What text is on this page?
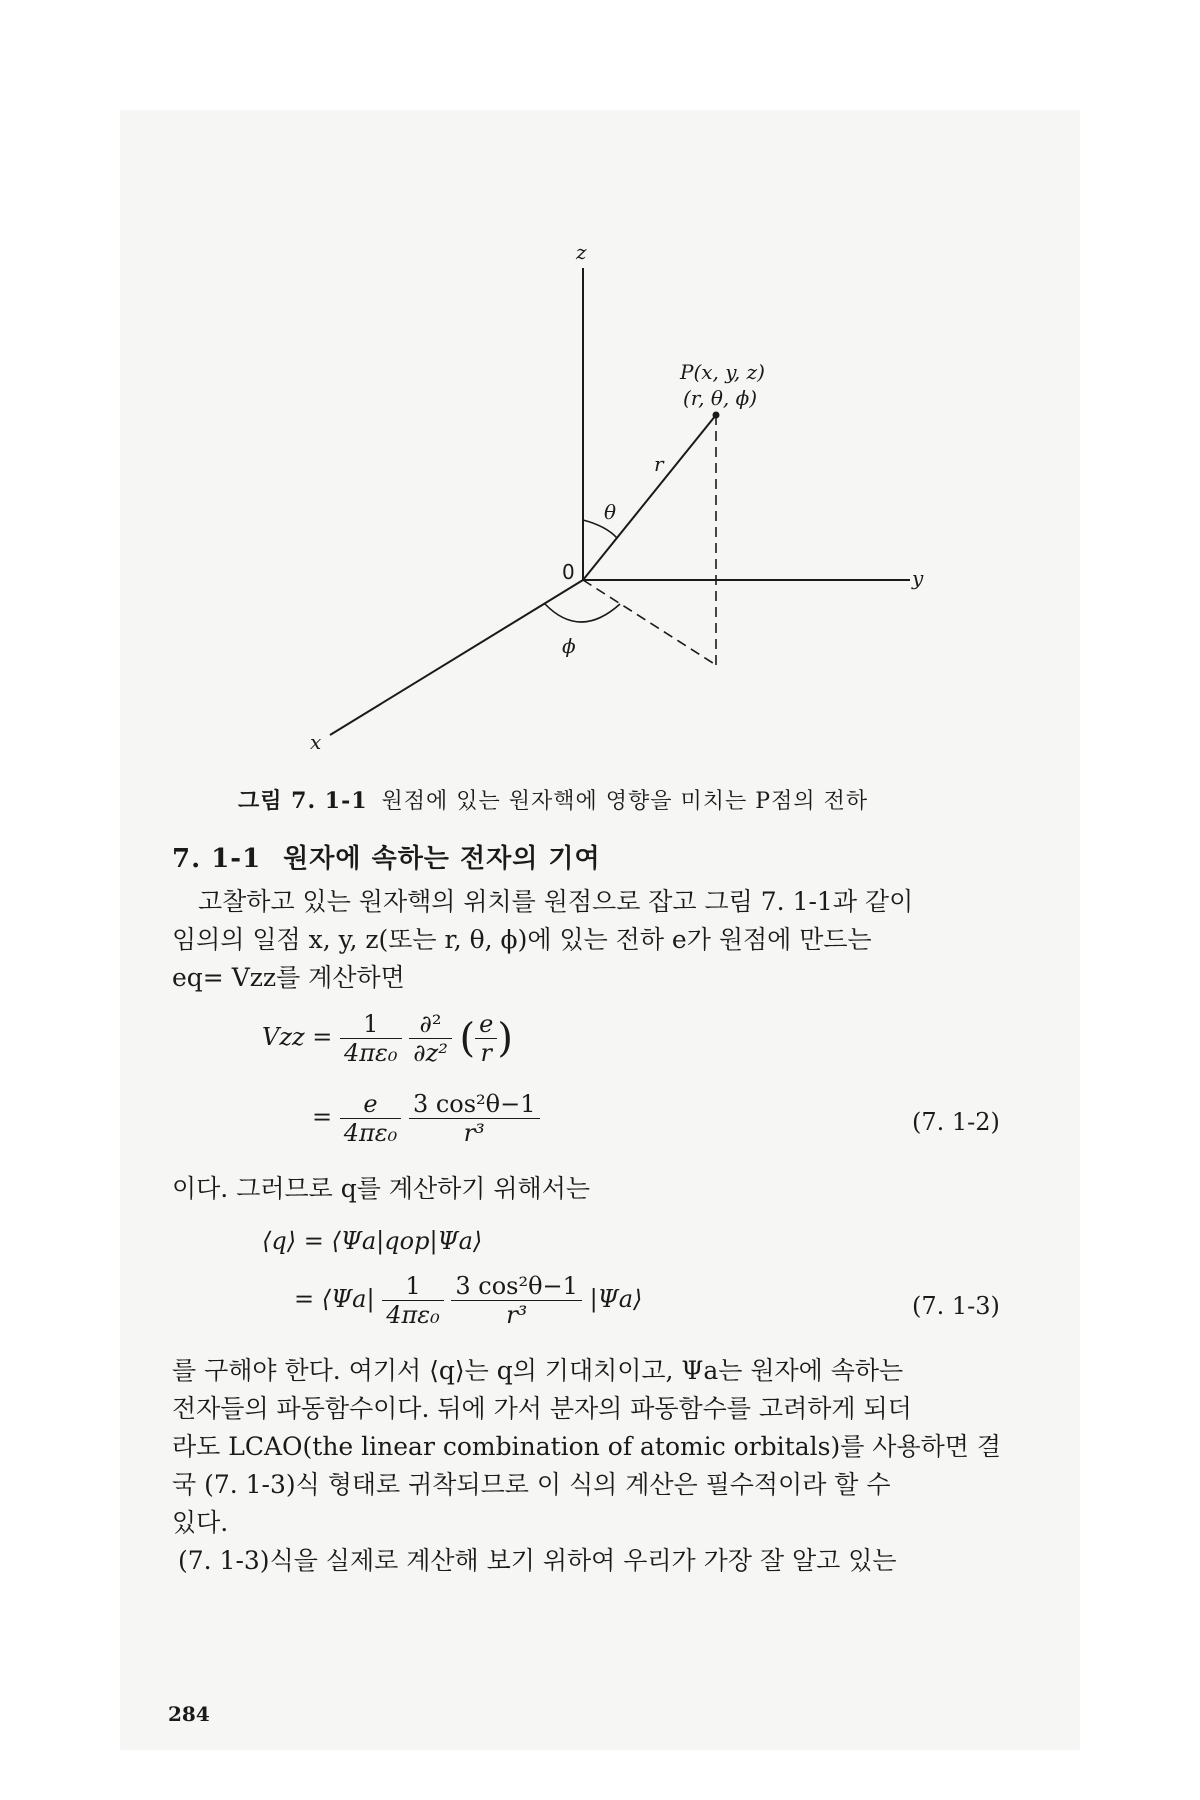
z
y
x
0
P(x, y, z)
(r, θ, ϕ)
r
θ
ϕ
그림 7. 1-1 원점에 있는 원자핵에 영향을 미치는 P점의 전하
7. 1-1 원자에 속하는 전자의 기여

고찰하고 있는 원자핵의 위치를 원점으로 잡고 그림 7. 1-1과 같이

임의의 일점 x, y, z(또는 r, θ, ϕ)에 있는 전하 e가 원점에 만드는

eq= Vzz를 계산하면

Vzz = $\frac{1}{\text{4πε₀}}$
$\frac{\text{∂²}}{\text{∂z²}}$ ( $\frac{e}{r}$ )
= $\frac{e}{\text{4πε₀}}$
$\frac{\text{3 cos²θ−1}}{\text{r³}}$	(7. 1-2)

이다. 그러므로 q를 계산하기 위해서는

⟨q⟩ = ⟨Ψa|qop|Ψa⟩
= ⟨Ψa| $\frac{1}{\text{4πε₀}}$
$\frac{\text{3 cos²θ−1}}{\text{r³}}$ |Ψa⟩	(7. 1-3)

를 구해야 한다. 여기서 ⟨q⟩는 q의 기대치이고, Ψa는 원자에 속하는

전자들의 파동함수이다. 뒤에 가서 분자의 파동함수를 고려하게 되더

라도 LCAO(the linear combination of atomic orbitals)를 사용하면 결

국 (7. 1-3)식 형태로 귀착되므로 이 식의 계산은 필수적이라 할 수

있다.

(7. 1-3)식을 실제로 계산해 보기 위하여 우리가 가장 잘 알고 있는

284
